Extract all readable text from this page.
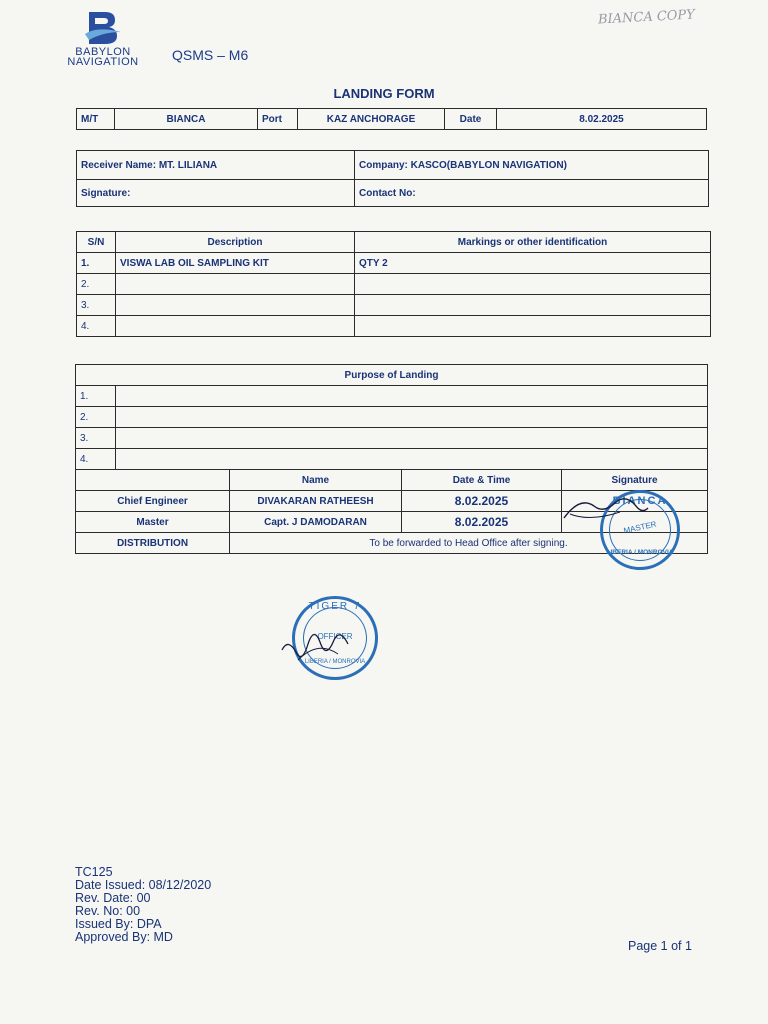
BABYLON
NAVIGATION	QSMS – M6
BIANCA COPY
LANDING FORM
M/T	BIANCA	Port	KAZ ANCHORAGE	Date	8.02.2025
Receiver Name: MT. LILIANA	Company: KASCO(BABYLON NAVIGATION)
Signature:	Contact No:
S/N	Description	Markings or other identification
1.	VISWA LAB OIL SAMPLING KIT	QTY 2
2.		
3.		
4.		
Purpose of Landing				
1.				
2.				
3.				
4.				
		Name	Date & Time	Signature
Chief Engineer		DIVAKARAN RATHEESH	8.02.2025	
Master		Capt. J DAMODARAN	8.02.2025	
DISTRIBUTION		To be forwarded to Head Office after signing.		
BIANCA
MASTER
LIBERIA / MONROVIA
TIGER 7
OFFICER
LIBERIA / MONROVIA
TC125
Date Issued: 08/12/2020
Rev. Date: 00
Rev. No: 00
Issued By: DPA
Approved By: MD
Page 1 of 1
